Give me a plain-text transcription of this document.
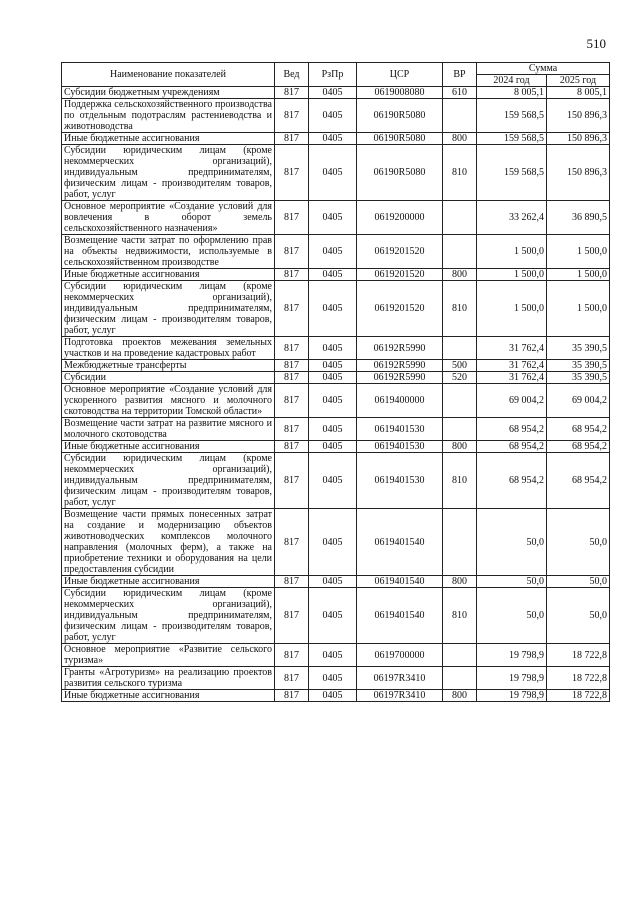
510
Наименование показателей	Вед	РзПр	ЦСР	ВР	Сумма	
					2024 год	2025 год
Субсидии бюджетным учреждениям	817	0405	0619008080	610	8 005,1	8 005,1
Поддержка сельскохозяйственного производства по отдельным подотраслям растениеводства и животноводства	817	0405	06190R5080		159 568,5	150 896,3
Иные бюджетные ассигнования	817	0405	06190R5080	800	159 568,5	150 896,3
Субсидии юридическим лицам (кроме некоммерческих организаций), индивидуальным предпринимателям, физическим лицам - производителям товаров, работ, услуг	817	0405	06190R5080	810	159 568,5	150 896,3
Основное мероприятие «Создание условий для вовлечения в оборот земель сельскохозяйственного назначения»	817	0405	0619200000		33 262,4	36 890,5
Возмещение части затрат по оформлению прав на объекты недвижимости, используемые в сельскохозяйственном производстве	817	0405	0619201520		1 500,0	1 500,0
Иные бюджетные ассигнования	817	0405	0619201520	800	1 500,0	1 500,0
Субсидии юридическим лицам (кроме некоммерческих организаций), индивидуальным предпринимателям, физическим лицам - производителям товаров, работ, услуг	817	0405	0619201520	810	1 500,0	1 500,0
Подготовка проектов межевания земельных участков и на проведение кадастровых работ	817	0405	06192R5990		31 762,4	35 390,5
Межбюджетные трансферты	817	0405	06192R5990	500	31 762,4	35 390,5
Субсидии	817	0405	06192R5990	520	31 762,4	35 390,5
Основное мероприятие «Создание условий для ускоренного развития мясного и молочного скотоводства на территории Томской области»	817	0405	0619400000		69 004,2	69 004,2
Возмещение части затрат на развитие мясного и молочного скотоводства	817	0405	0619401530		68 954,2	68 954,2
Иные бюджетные ассигнования	817	0405	0619401530	800	68 954,2	68 954,2
Субсидии юридическим лицам (кроме некоммерческих организаций), индивидуальным предпринимателям, физическим лицам - производителям товаров, работ, услуг	817	0405	0619401530	810	68 954,2	68 954,2
Возмещение части прямых понесенных затрат на создание и модернизацию объектов животноводческих комплексов молочного направления (молочных ферм), а также на приобретение техники и оборудования на цели предоставления субсидии	817	0405	0619401540		50,0	50,0
Иные бюджетные ассигнования	817	0405	0619401540	800	50,0	50,0
Субсидии юридическим лицам (кроме некоммерческих организаций), индивидуальным предпринимателям, физическим лицам - производителям товаров, работ, услуг	817	0405	0619401540	810	50,0	50,0
Основное мероприятие «Развитие сельского туризма»	817	0405	0619700000		19 798,9	18 722,8
Гранты «Агротуризм» на реализацию проектов развития сельского туризма	817	0405	06197R3410		19 798,9	18 722,8
Иные бюджетные ассигнования	817	0405	06197R3410	800	19 798,9	18 722,8
